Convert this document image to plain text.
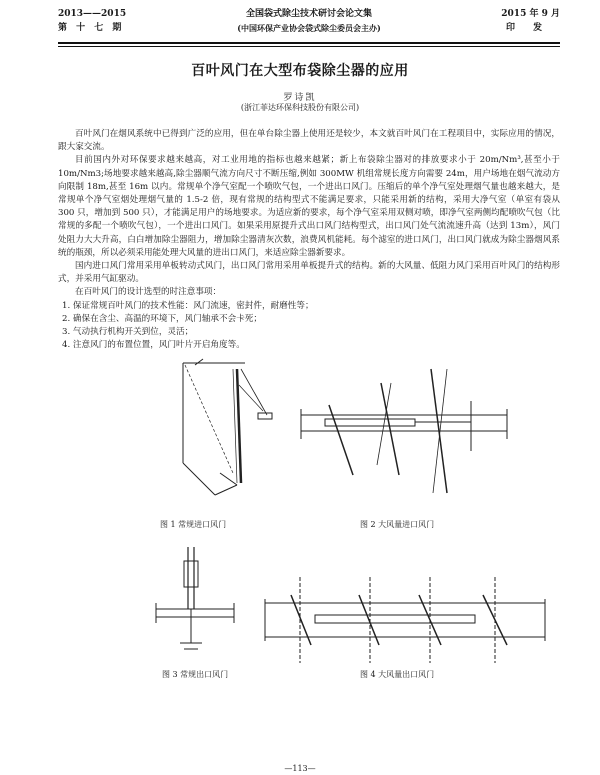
2013——2015	全国袋式除尘技术研讨会论文集	2015 年 9 月
第 十 七 期	(中国环保产业协会袋式除尘委员会主办)	印发
百叶风门在大型布袋除尘器的应用
罗诗凯
(浙江菲达环保科技股份有限公司)

百叶风门在烟风系统中已得到广泛的应用，但在单台除尘器上使用还是较少，本文就百叶风门在工程项目中，实际应用的情况，跟大家交流。

目前国内外对环保要求越来越高，对工业用地的指标也越来越紧；新上布袋除尘器对的排放要求小于 20m/Nm³,甚至小于 10m/Nm3;场地要求越来越高,除尘器顺气流方向尺寸不断压缩,例如 300MW 机组常规长度方向需要 24m，用户场地在烟气流动方向限制 18m,甚至 16m 以内。常规单个净气室配一个喷吹气包，一个进出口风门。压缩后的单个净气室处理烟气量也越来越大，是常规单个净气室烟处理烟气量的 1.5-2 倍，现有常规的结构型式不能满足要求，只能采用新的结构，采用大净气室（单室有袋从 300 只，增加到 500 只），才能满足用户的场地要求。为适应新的要求，每个净气室采用双侧对喷，即净气室两侧均配喷吹气包（比常规的多配一个喷吹气包），一个进出口风门。如果采用原提升式出口风门结构型式，出口风门处气流流速升高（达到 13m），风门处阻力大大升高，白白增加除尘器阻力，增加除尘器清灰次数，浪费风机能耗。每个滤室的进口风门，出口风门就成为除尘器烟风系统的瓶颈，所以必须采用能处理大风量的进出口风门，来适应除尘器新要求。

国内进口风门常用采用单板转动式风门，出口风门常用采用单板提升式的结构。新的大风量、低阻力风门采用百叶风门的结构形式，并采用气缸驱动。

在百叶风门的设计选型的时注意事项：

1. 保证常规百叶风门的技术性能：风门流速，密封件，耐磨性等；

2. 确保在含尘、高温的环境下，风门轴承不会卡死；

3. 气动执行机构开关到位，灵活；

4. 注意风门的布置位置，风门叶片开启角度等。

图 1 常规进口风门	图 2 大风量进口风门
图 3 常规出口风门	图 4 大风量出口风门
—113—
